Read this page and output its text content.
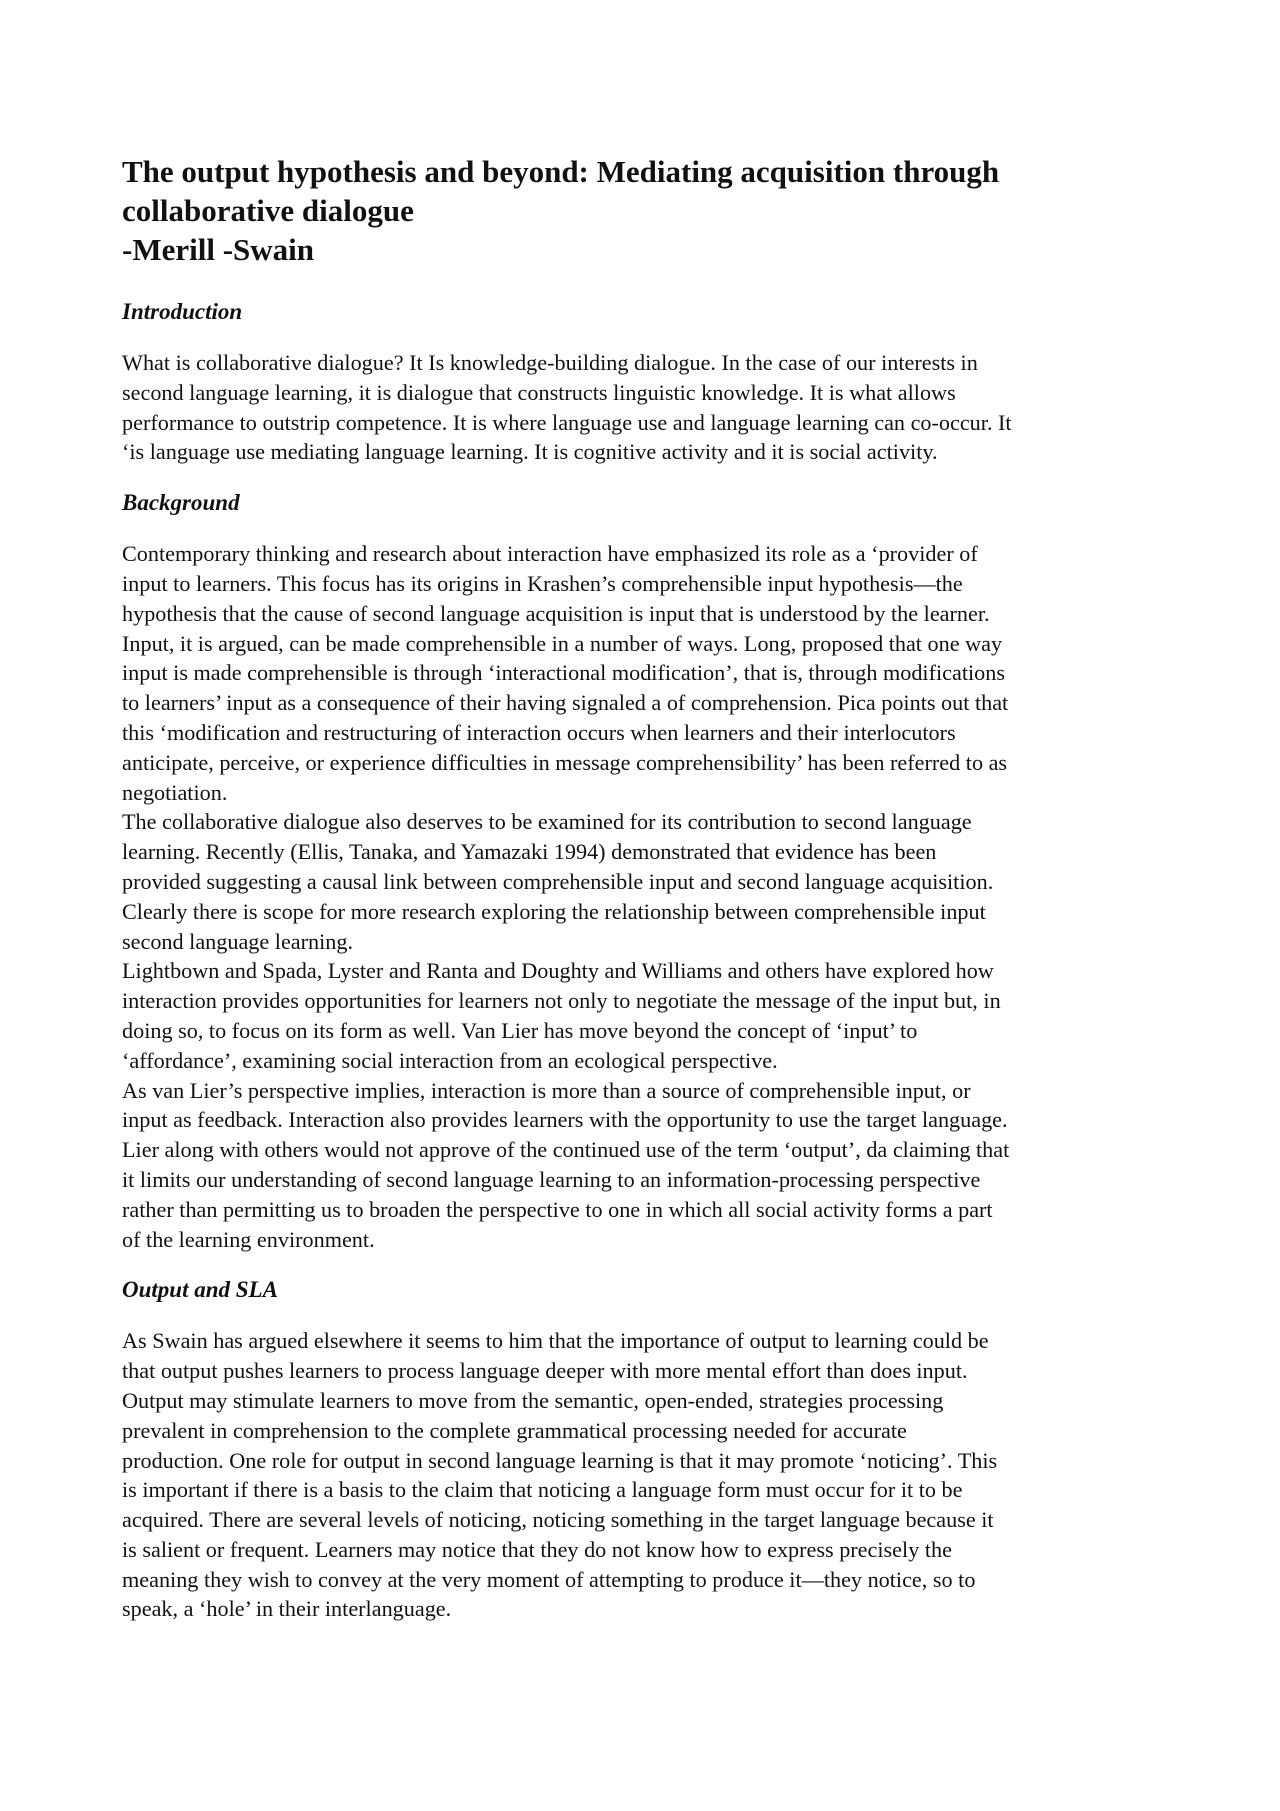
The output hypothesis and beyond: Mediating acquisition through
collaborative dialogue
-Merill -Swain
Introduction
What is collaborative dialogue? It Is knowledge-building dialogue. In the case of our interests in
second language learning, it is dialogue that constructs linguistic knowledge. It is what allows
performance to outstrip competence. It is where language use and language learning can co-occur. It
‘is language use mediating language learning. It is cognitive activity and it is social activity.
Background
Contemporary thinking and research about interaction have emphasized its role as a ‘provider of
input to learners. This focus has its origins in Krashen’s comprehensible input hypothesis—the
hypothesis that the cause of second language acquisition is input that is understood by the learner.
Input, it is argued, can be made comprehensible in a number of ways. Long, proposed that one way
input is made comprehensible is through ‘interactional modification’, that is, through modifications
to learners’ input as a consequence of their having signaled a of comprehension. Pica points out that
this ‘modification and restructuring of interaction occurs when learners and their interlocutors
anticipate, perceive, or experience difficulties in message comprehensibility’ has been referred to as
negotiation.
The collaborative dialogue also deserves to be examined for its contribution to second language
learning. Recently (Ellis, Tanaka, and Yamazaki 1994) demonstrated that evidence has been
provided suggesting a causal link between comprehensible input and second language acquisition.
Clearly there is scope for more research exploring the relationship between comprehensible input
second language learning.
Lightbown and Spada, Lyster and Ranta and Doughty and Williams and others have explored how
interaction provides opportunities for learners not only to negotiate the message of the input but, in
doing so, to focus on its form as well. Van Lier has move beyond the concept of ‘input’ to
‘affordance’, examining social interaction from an ecological perspective.
As van Lier’s perspective implies, interaction is more than a source of comprehensible input, or
input as feedback. Interaction also provides learners with the opportunity to use the target language.
Lier along with others would not approve of the continued use of the term ‘output’, da claiming that
it limits our understanding of second language learning to an information-processing perspective
rather than permitting us to broaden the perspective to one in which all social activity forms a part
of the learning environment.
Output and SLA
As Swain has argued elsewhere it seems to him that the importance of output to learning could be
that output pushes learners to process language deeper with more mental effort than does input.
Output may stimulate learners to move from the semantic, open-ended, strategies processing
prevalent in comprehension to the complete grammatical processing needed for accurate
production. One role for output in second language learning is that it may promote ‘noticing’. This
is important if there is a basis to the claim that noticing a language form must occur for it to be
acquired. There are several levels of noticing, noticing something in the target language because it
is salient or frequent. Learners may notice that they do not know how to express precisely the
meaning they wish to convey at the very moment of attempting to produce it—they notice, so to
speak, a ‘hole’ in their interlanguage.
